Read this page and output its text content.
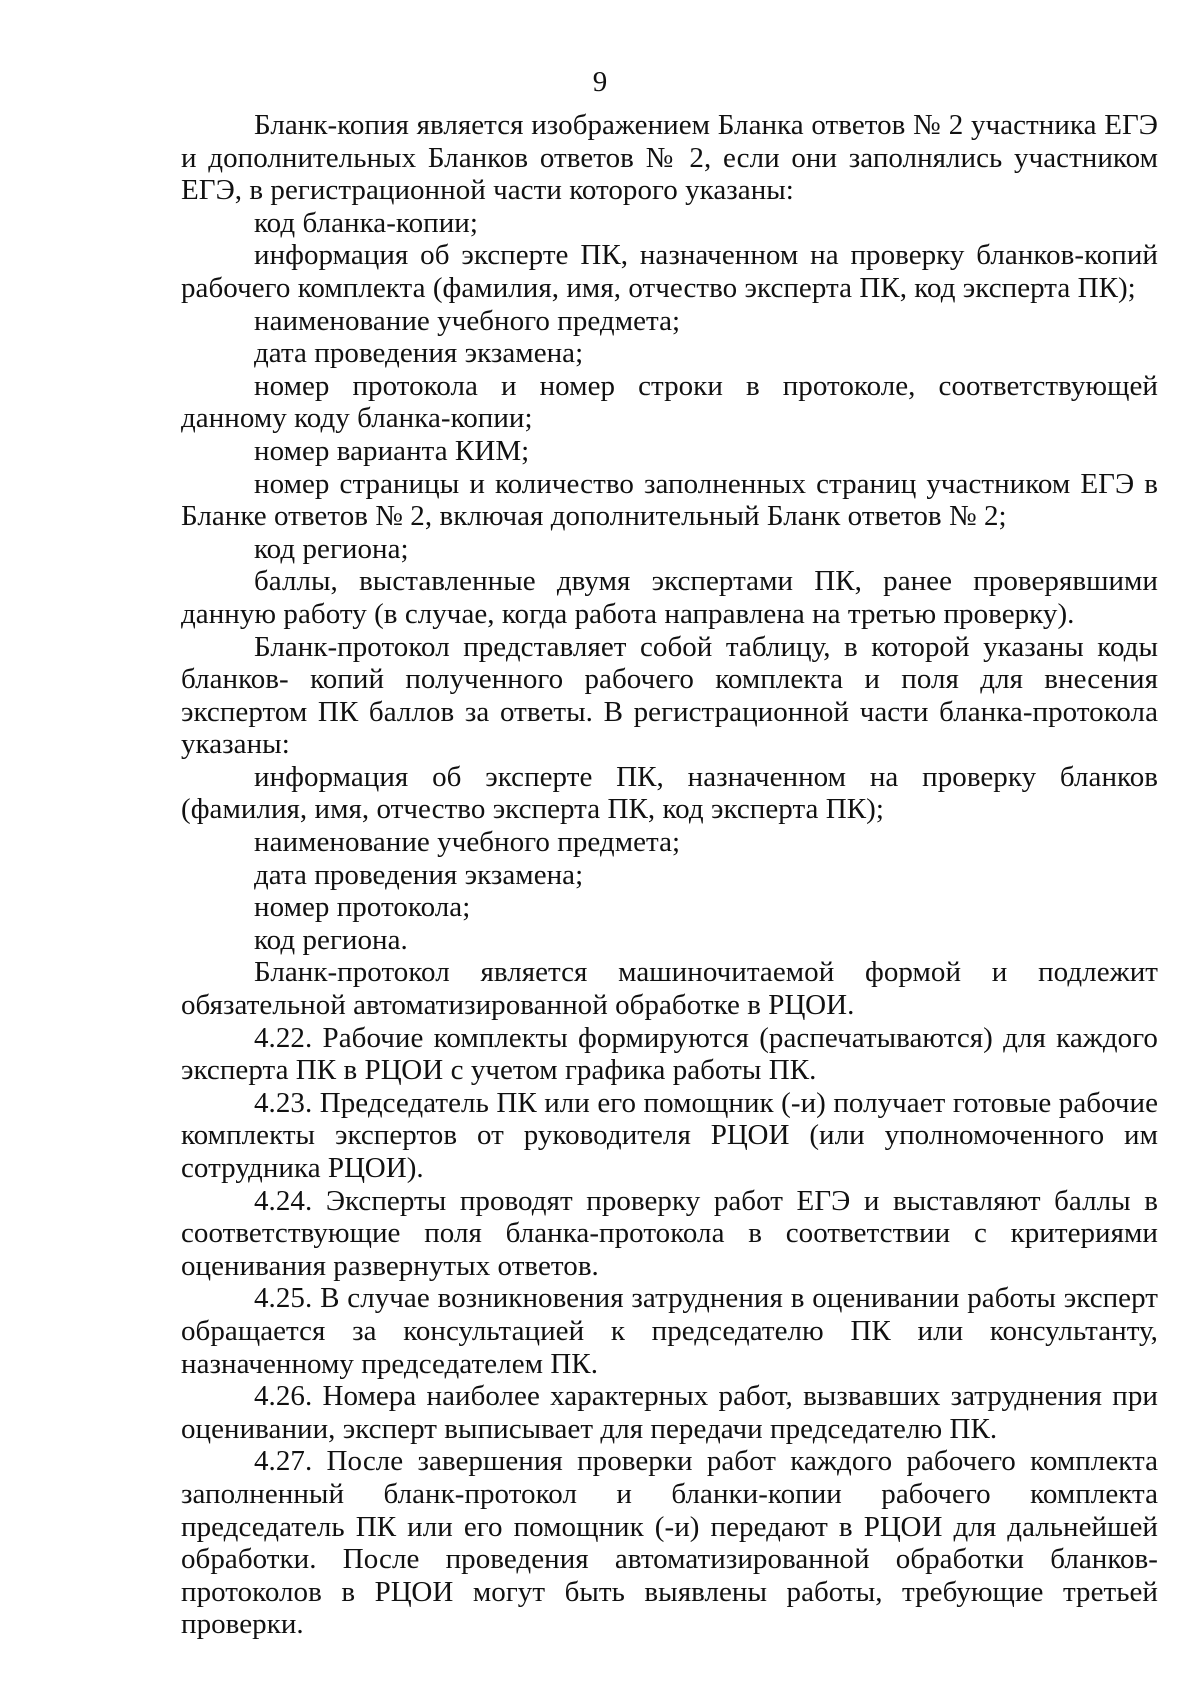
9

Бланк-копия является изображением Бланка ответов № 2 участника ЕГЭ и дополнительных Бланков ответов № 2, если они заполнялись участником ЕГЭ, в регистрационной части которого указаны:

код бланка-копии;

информация об эксперте ПК, назначенном на проверку бланков-копий рабочего комплекта (фамилия, имя, отчество эксперта ПК, код эксперта ПК);

наименование учебного предмета;

дата проведения экзамена;

номер протокола и номер строки в протоколе, соответствующей данному коду бланка-копии;

номер варианта КИМ;

номер страницы и количество заполненных страниц участником ЕГЭ в Бланке ответов № 2, включая дополнительный Бланк ответов № 2;

код региона;

баллы, выставленные двумя экспертами ПК, ранее проверявшими данную работу (в случае, когда работа направлена на третью проверку).

Бланк-протокол представляет собой таблицу, в которой указаны коды бланков- копий полученного рабочего комплекта и поля для внесения экспертом ПК баллов за ответы. В регистрационной части бланка-протокола указаны:

информация об эксперте ПК, назначенном на проверку бланков (фамилия, имя, отчество эксперта ПК, код эксперта ПК);

наименование учебного предмета;

дата проведения экзамена;

номер протокола;

код региона.

Бланк-протокол является машиночитаемой формой и подлежит обязательной автоматизированной обработке в РЦОИ.

4.22. Рабочие комплекты формируются (распечатываются) для каждого эксперта ПК в РЦОИ с учетом графика работы ПК.

4.23. Председатель ПК или его помощник (-и) получает готовые рабочие комплекты экспертов от руководителя РЦОИ (или уполномоченного им сотрудника РЦОИ).

4.24. Эксперты проводят проверку работ ЕГЭ и выставляют баллы в соответствующие поля бланка-протокола в соответствии с критериями оценивания развернутых ответов.

4.25. В случае возникновения затруднения в оценивании работы эксперт обращается за консультацией к председателю ПК или консультанту, назначенному председателем ПК.

4.26. Номера наиболее характерных работ, вызвавших затруднения при оценивании, эксперт выписывает для передачи председателю ПК.

4.27. После завершения проверки работ каждого рабочего комплекта заполненный бланк-протокол и бланки-копии рабочего комплекта председатель ПК или его помощник (-и) передают в РЦОИ для дальнейшей обработки. После проведения автоматизированной обработки бланков-протоколов в РЦОИ могут быть выявлены работы, требующие третьей проверки.
